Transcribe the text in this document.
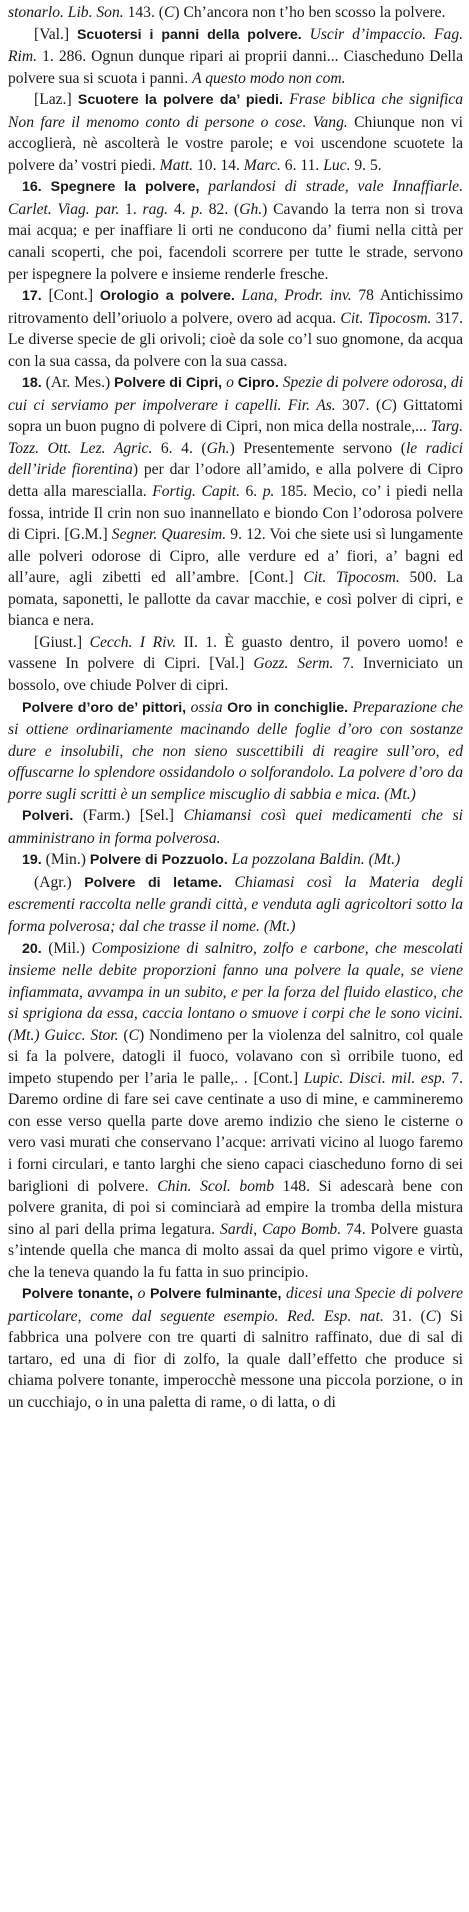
stonarlo. Lib. Son. 143. (C) Ch’ancora non t’ho ben scosso la polvere.

[Val.] Scuotersi i panni della polvere. Uscir d’impaccio. Fag. Rim. 1. 286. Ognun dunque ripari ai proprii danni... Ciascheduno Della polvere sua si scuota i panni. A questo modo non com.

[Laz.] Scuotere la polvere da’ piedi. Frase biblica che significa Non fare il menomo conto di persone o cose. Vang. Chiunque non vi accoglierà, nè ascolterà le vostre parole; e voi uscendone scuotete la polvere da’ vostri piedi. Matt. 10. 14. Marc. 6. 11. Luc. 9. 5.

16. Spegnere la polvere, parlandosi di strade, vale Innaffiarle. Carlet. Viag. par. 1. rag. 4. p. 82. (Gh.) Cavando la terra non si trova mai acqua; e per inaffiare li orti ne conducono da’ fiumi nella città per canali scoperti, che poi, facendoli scorrere per tutte le strade, servono per ispegnere la polvere e insieme renderle fresche.

17. [Cont.] Orologio a polvere. Lana, Prodr. inv. 78 Antichissimo ritrovamento dell’oriuolo a polvere, overo ad acqua. Cit. Tipocosm. 317. Le diverse specie de gli orivoli; cioè da sole co’l suo gnomone, da acqua con la sua cassa, da polvere con la sua cassa.

18. (Ar. Mes.) Polvere di Cipri, o Cipro. Spezie di polvere odorosa, di cui ci serviamo per impolverare i capelli. Fir. As. 307. (C) Gittatomi sopra un buon pugno di polvere di Cipri, non mica della nostrale,... Targ. Tozz. Ott. Lez. Agric. 6. 4. (Gh.) Presentemente servono (le radici dell’iride fiorentina) per dar l’odore all’amido, e alla polvere di Cipro detta alla marescialla. Fortig. Capit. 6. p. 185. Mecio, co’ i piedi nella fossa, intride Il crin non suo inannellato e biondo Con l’odorosa polvere di Cipri. [G.M.] Segner. Quaresim. 9. 12. Voi che siete usi sì lungamente alle polveri odorose di Cipro, alle verdure ed a’ fiori, a’ bagni ed all’aure, agli zibetti ed all’ambre. [Cont.] Cit. Tipocosm. 500. La pomata, saponetti, le pallotte da cavar macchie, e così polver di cipri, e bianca e nera.

[Giust.] Cecch. I Riv. II. 1. È guasto dentro, il povero uomo! e vassene In polvere di Cipri. [Val.] Gozz. Serm. 7. Inverniciato un bossolo, ove chiude Polver di cipri.

Polvere d’oro de’ pittori, ossia Oro in conchiglie. Preparazione che si ottiene ordinariamente macinando delle foglie d’oro con sostanze dure e insolubili, che non sieno suscettibili di reagire sull’oro, ed offuscarne lo splendore ossidandolo o solforandolo. La polvere d’oro da porre sugli scritti è un semplice miscuglio di sabbia e mica. (Mt.)

Polveri. (Farm.) [Sel.] Chiamansi così quei medicamenti che si amministrano in forma polverosa.

19. (Min.) Polvere di Pozzuolo. La pozzolana Baldin. (Mt.)

(Agr.) Polvere di letame. Chiamasi così la Materia degli escrementi raccolta nelle grandi città, e venduta agli agricoltori sotto la forma polverosa; dal che trasse il nome. (Mt.)

20. (Mil.) Composizione di salnitro, zolfo e carbone, che mescolati insieme nelle debite proporzioni fanno una polvere la quale, se viene infiammata, avvampa in un subito, e per la forza del fluido elastico, che si sprigiona da essa, caccia lontano o smuove i corpi che le sono vicini. (Mt.) Guicc. Stor. (C) Nondimeno per la violenza del salnitro, col quale si fa la polvere, datogli il fuoco, volavano con sì orribile tuono, ed impeto stupendo per l’aria le palle,. . [Cont.] Lupic. Disci. mil. esp. 7. Daremo ordine di fare sei cave centinate a uso di mine, e cammineremo con esse verso quella parte dove aremo indizio che sieno le cisterne o vero vasi murati che conservano l’acque: arrivati vicino al luogo faremo i forni circulari, e tanto larghi che sieno capaci ciascheduno forno di sei bariglioni di polvere. Chin. Scol. bomb 148. Si adescarà bene con polvere granita, di poi si cominciarà ad empire la tromba della mistura sino al pari della prima legatura. Sardi, Capo Bomb. 74. Polvere guasta s’intende quella che manca di molto assai da quel primo vigore e virtù, che la teneva quando la fu fatta in suo principio.

Polvere tonante, o Polvere fulminante, dicesi una Specie di polvere particolare, come dal seguente esempio. Red. Esp. nat. 31. (C) Si fabbrica una polvere con tre quarti di salnitro raffinato, due di sal di tartaro, ed una di fior di zolfo, la quale dall’effetto che produce si chiama polvere tonante, imperocchè messone una piccola porzione, o in un cucchiajo, o in una paletta di rame, o di latta, o di
